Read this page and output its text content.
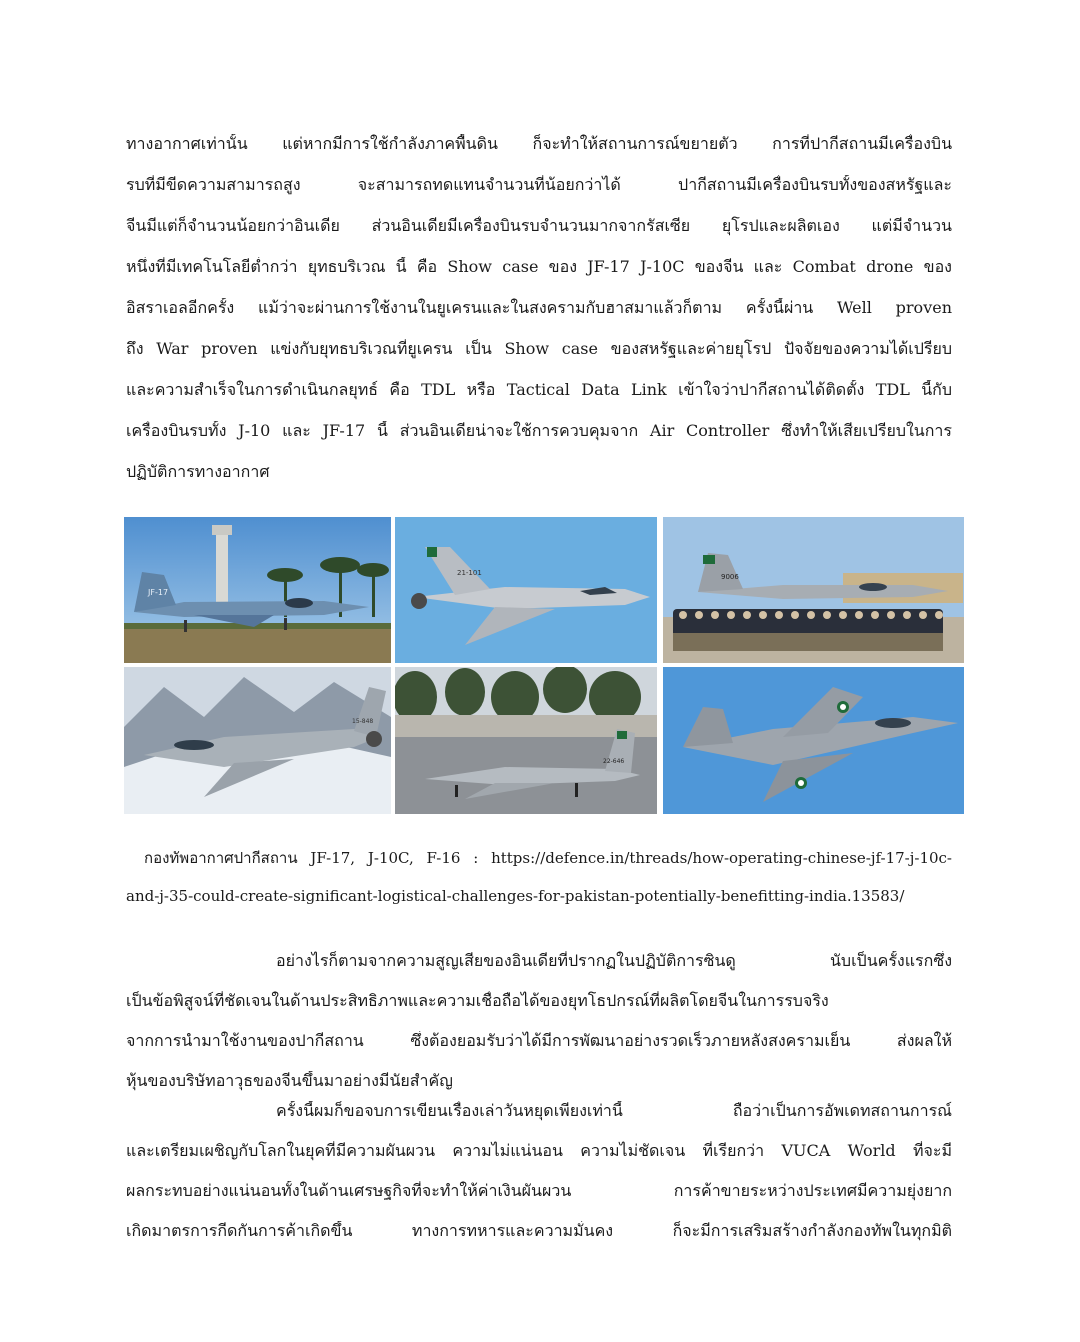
ทางอากาศเท่านั้น แต่หากมีการใช้กำลังภาคพื้นดิน ก็จะทำให้สถานการณ์ขยายตัว การที่ปากีสถานมีเครื่องบิน
รบที่มีขีดความสามารถสูง จะสามารถทดแทนจำนวนที่น้อยกว่าได้ ปากีสถานมีเครื่องบินรบทั้งของสหรัฐและ
จีนมีแต่ก็จำนวนน้อยกว่าอินเดีย ส่วนอินเดียมีเครื่องบินรบจำนวนมากจากรัสเซีย ยุโรปและผลิตเอง แต่มีจำนวน
หนึ่งที่มีเทคโนโลยีต่ำกว่า ยุทธบริเวณ นี้ คือ Show case ของ JF-17 J-10C ของจีน และ Combat drone ของ
อิสราเอลอีกครั้ง แม้ว่าจะผ่านการใช้งานในยูเครนและในสงครามกับฮาสมาแล้วก็ตาม ครั้งนี้ผ่าน Well proven
ถึง War proven แข่งกับยุทธบริเวณที่ยูเครน เป็น Show case ของสหรัฐและค่ายยุโรป ปัจจัยของความได้เปรียบ
และความสำเร็จในการดำเนินกลยุทธ์ คือ TDL หรือ Tactical Data Link เข้าใจว่าปากีสถานได้ติดตั้ง TDL นี้กับ
เครื่องบินรบทั้ง J-10 และ JF-17 นี้ ส่วนอินเดียน่าจะใช้การควบคุมจาก Air Controller ซึ่งทำให้เสียเปรียบในการ
ปฏิบัติการทางอากาศ
JF-17
21-101	9006
15-848
22-646
กองทัพอากาศปากีสถาน JF-17, J-10C, F-16 : https://defence.in/threads/how-operating-chinese-jf-17-j-10c-
and-j-35-could-create-significant-logistical-challenges-for-pakistan-potentially-benefitting-india.13583/
อย่างไรก็ตามจากความสูญเสียของอินเดียที่ปรากฏในปฏิบัติการซินดู นับเป็นครั้งแรกซึ่ง
เป็นข้อพิสูจน์ที่ชัดเจนในด้านประสิทธิภาพและความเชื่อถือได้ของยุทโธปกรณ์ที่ผลิตโดยจีนในการรบจริง
จากการนำมาใช้งานของปากีสถาน ซึ่งต้องยอมรับว่าได้มีการพัฒนาอย่างรวดเร็วภายหลังสงครามเย็น ส่งผลให้
หุ้นของบริษัทอาวุธของจีนขึ้นมาอย่างมีนัยสำคัญ
ครั้งนี้ผมก็ขอจบการเขียนเรื่องเล่าวันหยุดเพียงเท่านี้ ถือว่าเป็นการอัพเดทสถานการณ์
และเตรียมเผชิญกับโลกในยุคที่มีความผันผวน ความไม่แน่นอน ความไม่ชัดเจน ที่เรียกว่า VUCA World ที่จะมี
ผลกระทบอย่างแน่นอนทั้งในด้านเศรษฐกิจที่จะทำให้ค่าเงินผันผวน การค้าขายระหว่างประเทศมีความยุ่งยาก
เกิดมาตรการกีดกันการค้าเกิดขึ้น ทางการทหารและความมั่นคง ก็จะมีการเสริมสร้างกำลังกองทัพในทุกมิติ
